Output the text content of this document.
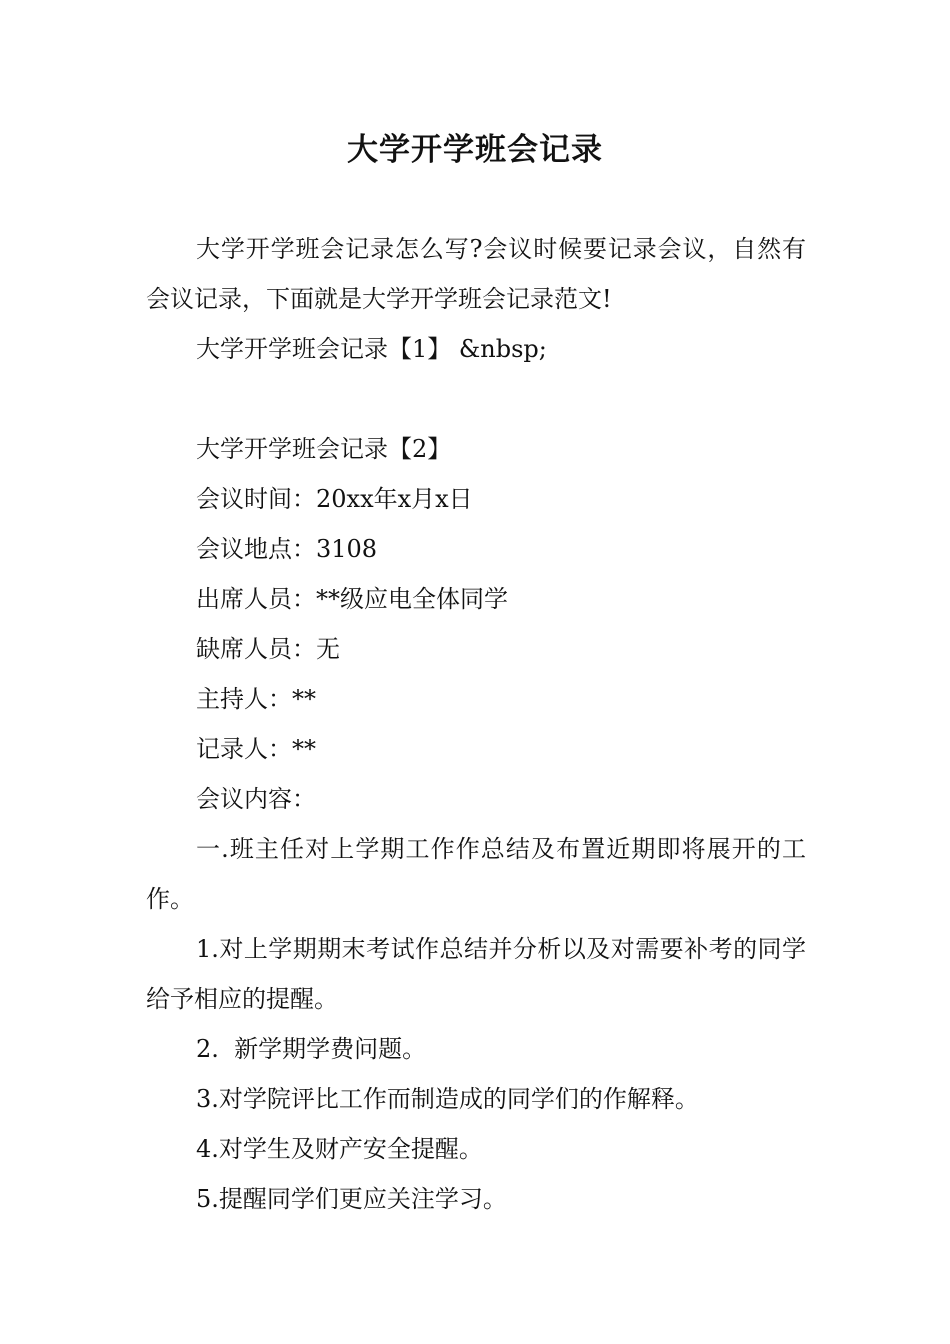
大学开学班会记录

大学开学班会记录怎么写?会议时候要记录会议，自然有会议记录，下面就是大学开学班会记录范文!

大学开学班会记录【1】 &nbsp;

大学开学班会记录【2】

会议时间：20xx年x月x日

会议地点：3108

出席人员：**级应电全体同学

缺席人员：无

主持人：**

记录人：**

会议内容：

一.班主任对上学期工作作总结及布置近期即将展开的工作。

1.对上学期期末考试作总结并分析以及对需要补考的同学给予相应的提醒。

2.  新学期学费问题。

3.对学院评比工作而制造成的同学们的作解释。

4.对学生及财产安全提醒。

5.提醒同学们更应关注学习。
